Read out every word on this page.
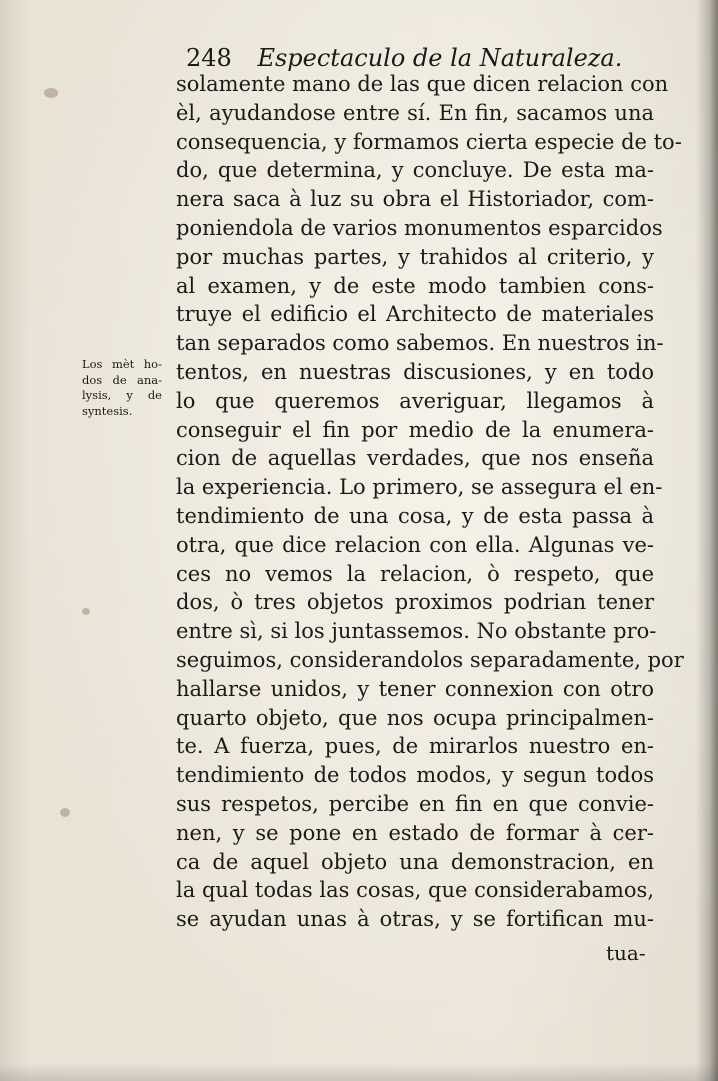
248 Espectaculo de la Naturaleza.
Los mèt ho-
dos de ana-
lysis, y de
syntesis.
solamente mano de las que dicen relacion con
èl, ayudandose entre sí. En fin, sacamos una
consequencia, y formamos cierta especie de to-
do, que determina, y concluye. De esta ma-
nera saca à luz su obra el Historiador, com-
poniendola de varios monumentos esparcidos
por muchas partes, y trahidos al criterio, y
al examen, y de este modo tambien cons-
truye el edificio el Architecto de materiales
tan separados como sabemos. En nuestros in-
tentos, en nuestras discusiones, y en todo
lo que queremos averiguar, llegamos à
conseguir el fin por medio de la enumera-
cion de aquellas verdades, que nos enseña
la experiencia. Lo primero, se assegura el en-
tendimiento de una cosa, y de esta passa à
otra, que dice relacion con ella. Algunas ve-
ces no vemos la relacion, ò respeto, que
dos, ò tres objetos proximos podrian tener
entre sì, si los juntassemos. No obstante pro-
seguimos, considerandolos separadamente, por
hallarse unidos, y tener connexion con otro
quarto objeto, que nos ocupa principalmen-
te. A fuerza, pues, de mirarlos nuestro en-
tendimiento de todos modos, y segun todos
sus respetos, percibe en fin en que convie-
nen, y se pone en estado de formar à cer-
ca de aquel objeto una demonstracion, en
la qual todas las cosas, que considerabamos,
se ayudan unas à otras, y se fortifican mu-
tua-
